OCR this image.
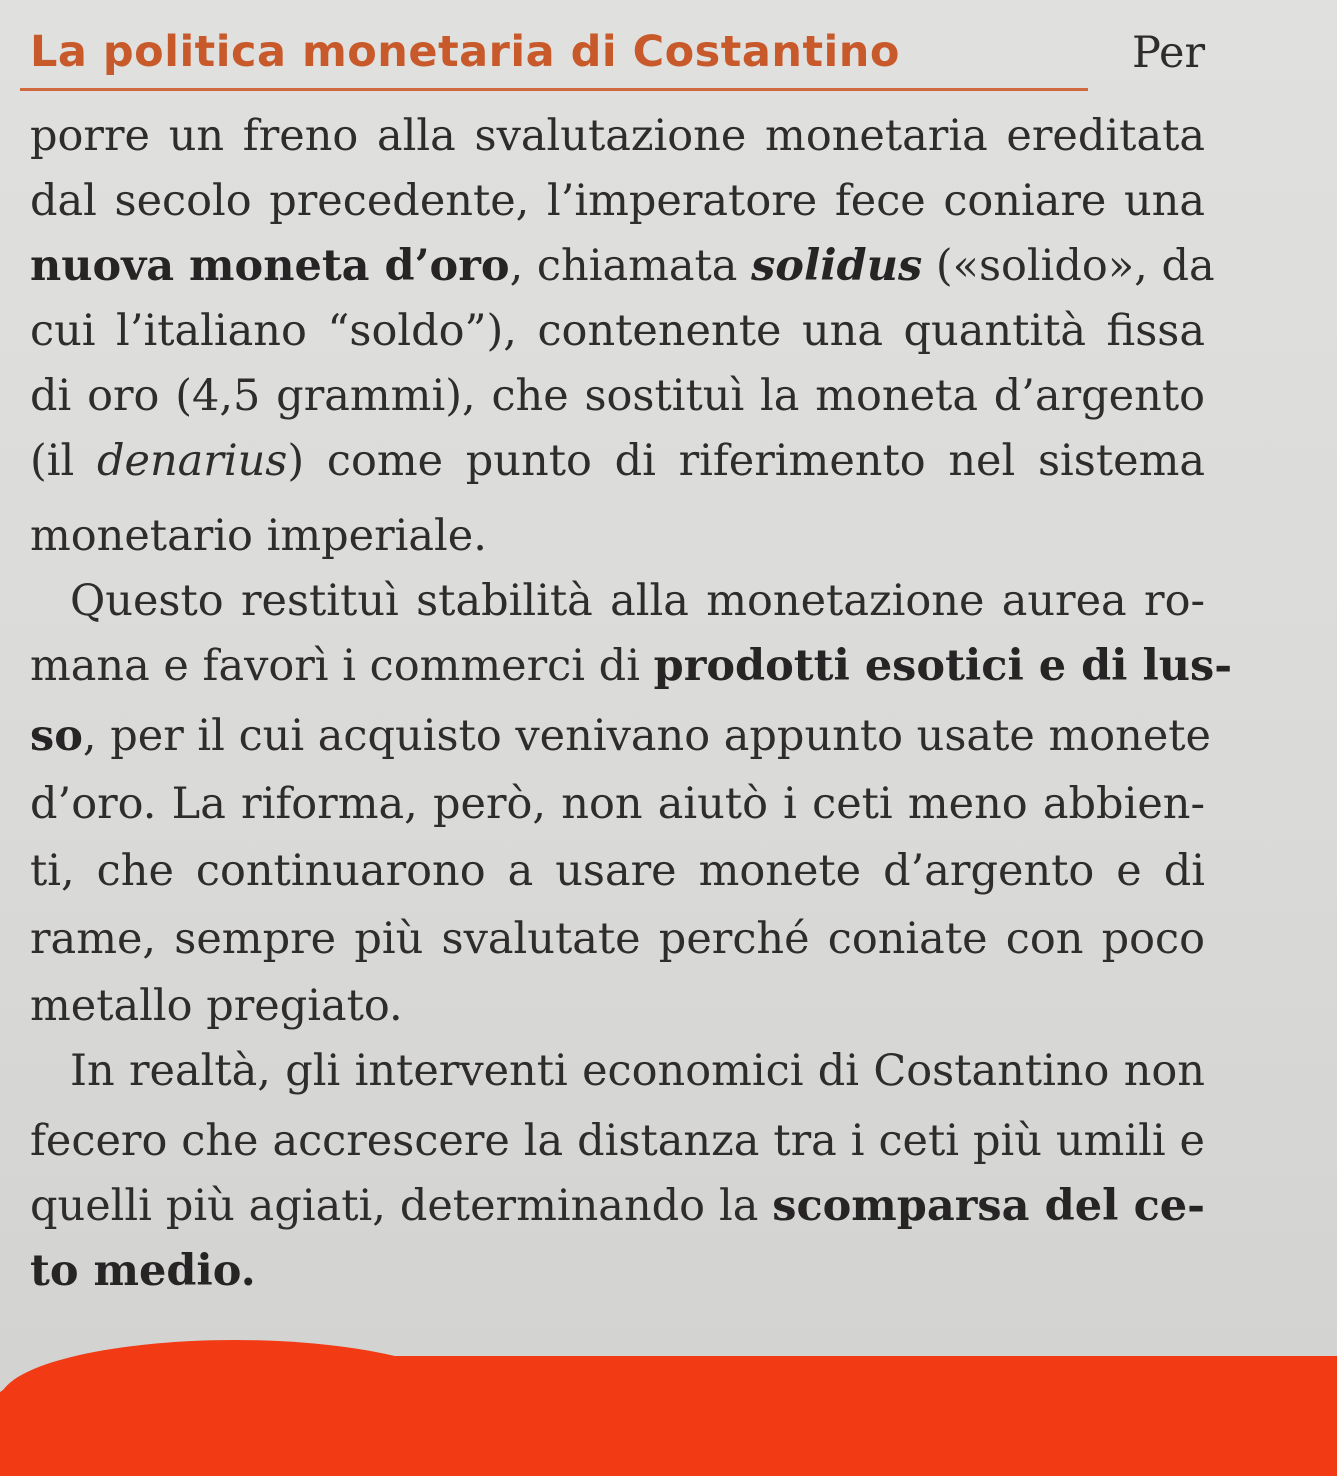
La politica monetaria di Costantino	Per
porre un freno alla svalutazione monetaria ereditata
dal secolo precedente, l’imperatore fece coniare una
nuova moneta d’oro, chiamata solidus («solido», da
cui l’italiano “soldo”), contenente una quantità fissa
di oro (4,5 grammi), che sostituì la moneta d’argento
(il denarius) come punto di riferimento nel sistema
monetario imperiale.
Questo restituì stabilità alla monetazione aurea ro-
mana e favorì i commerci di prodotti esotici e di lus-
so, per il cui acquisto venivano appunto usate monete
d’oro. La riforma, però, non aiutò i ceti meno abbien-
ti, che continuarono a usare monete d’argento e di
rame, sempre più svalutate perché coniate con poco
metallo pregiato.
In realtà, gli interventi economici di Costantino non
fecero che accrescere la distanza tra i ceti più umili e
quelli più agiati, determinando la scomparsa del ce-
to medio.
